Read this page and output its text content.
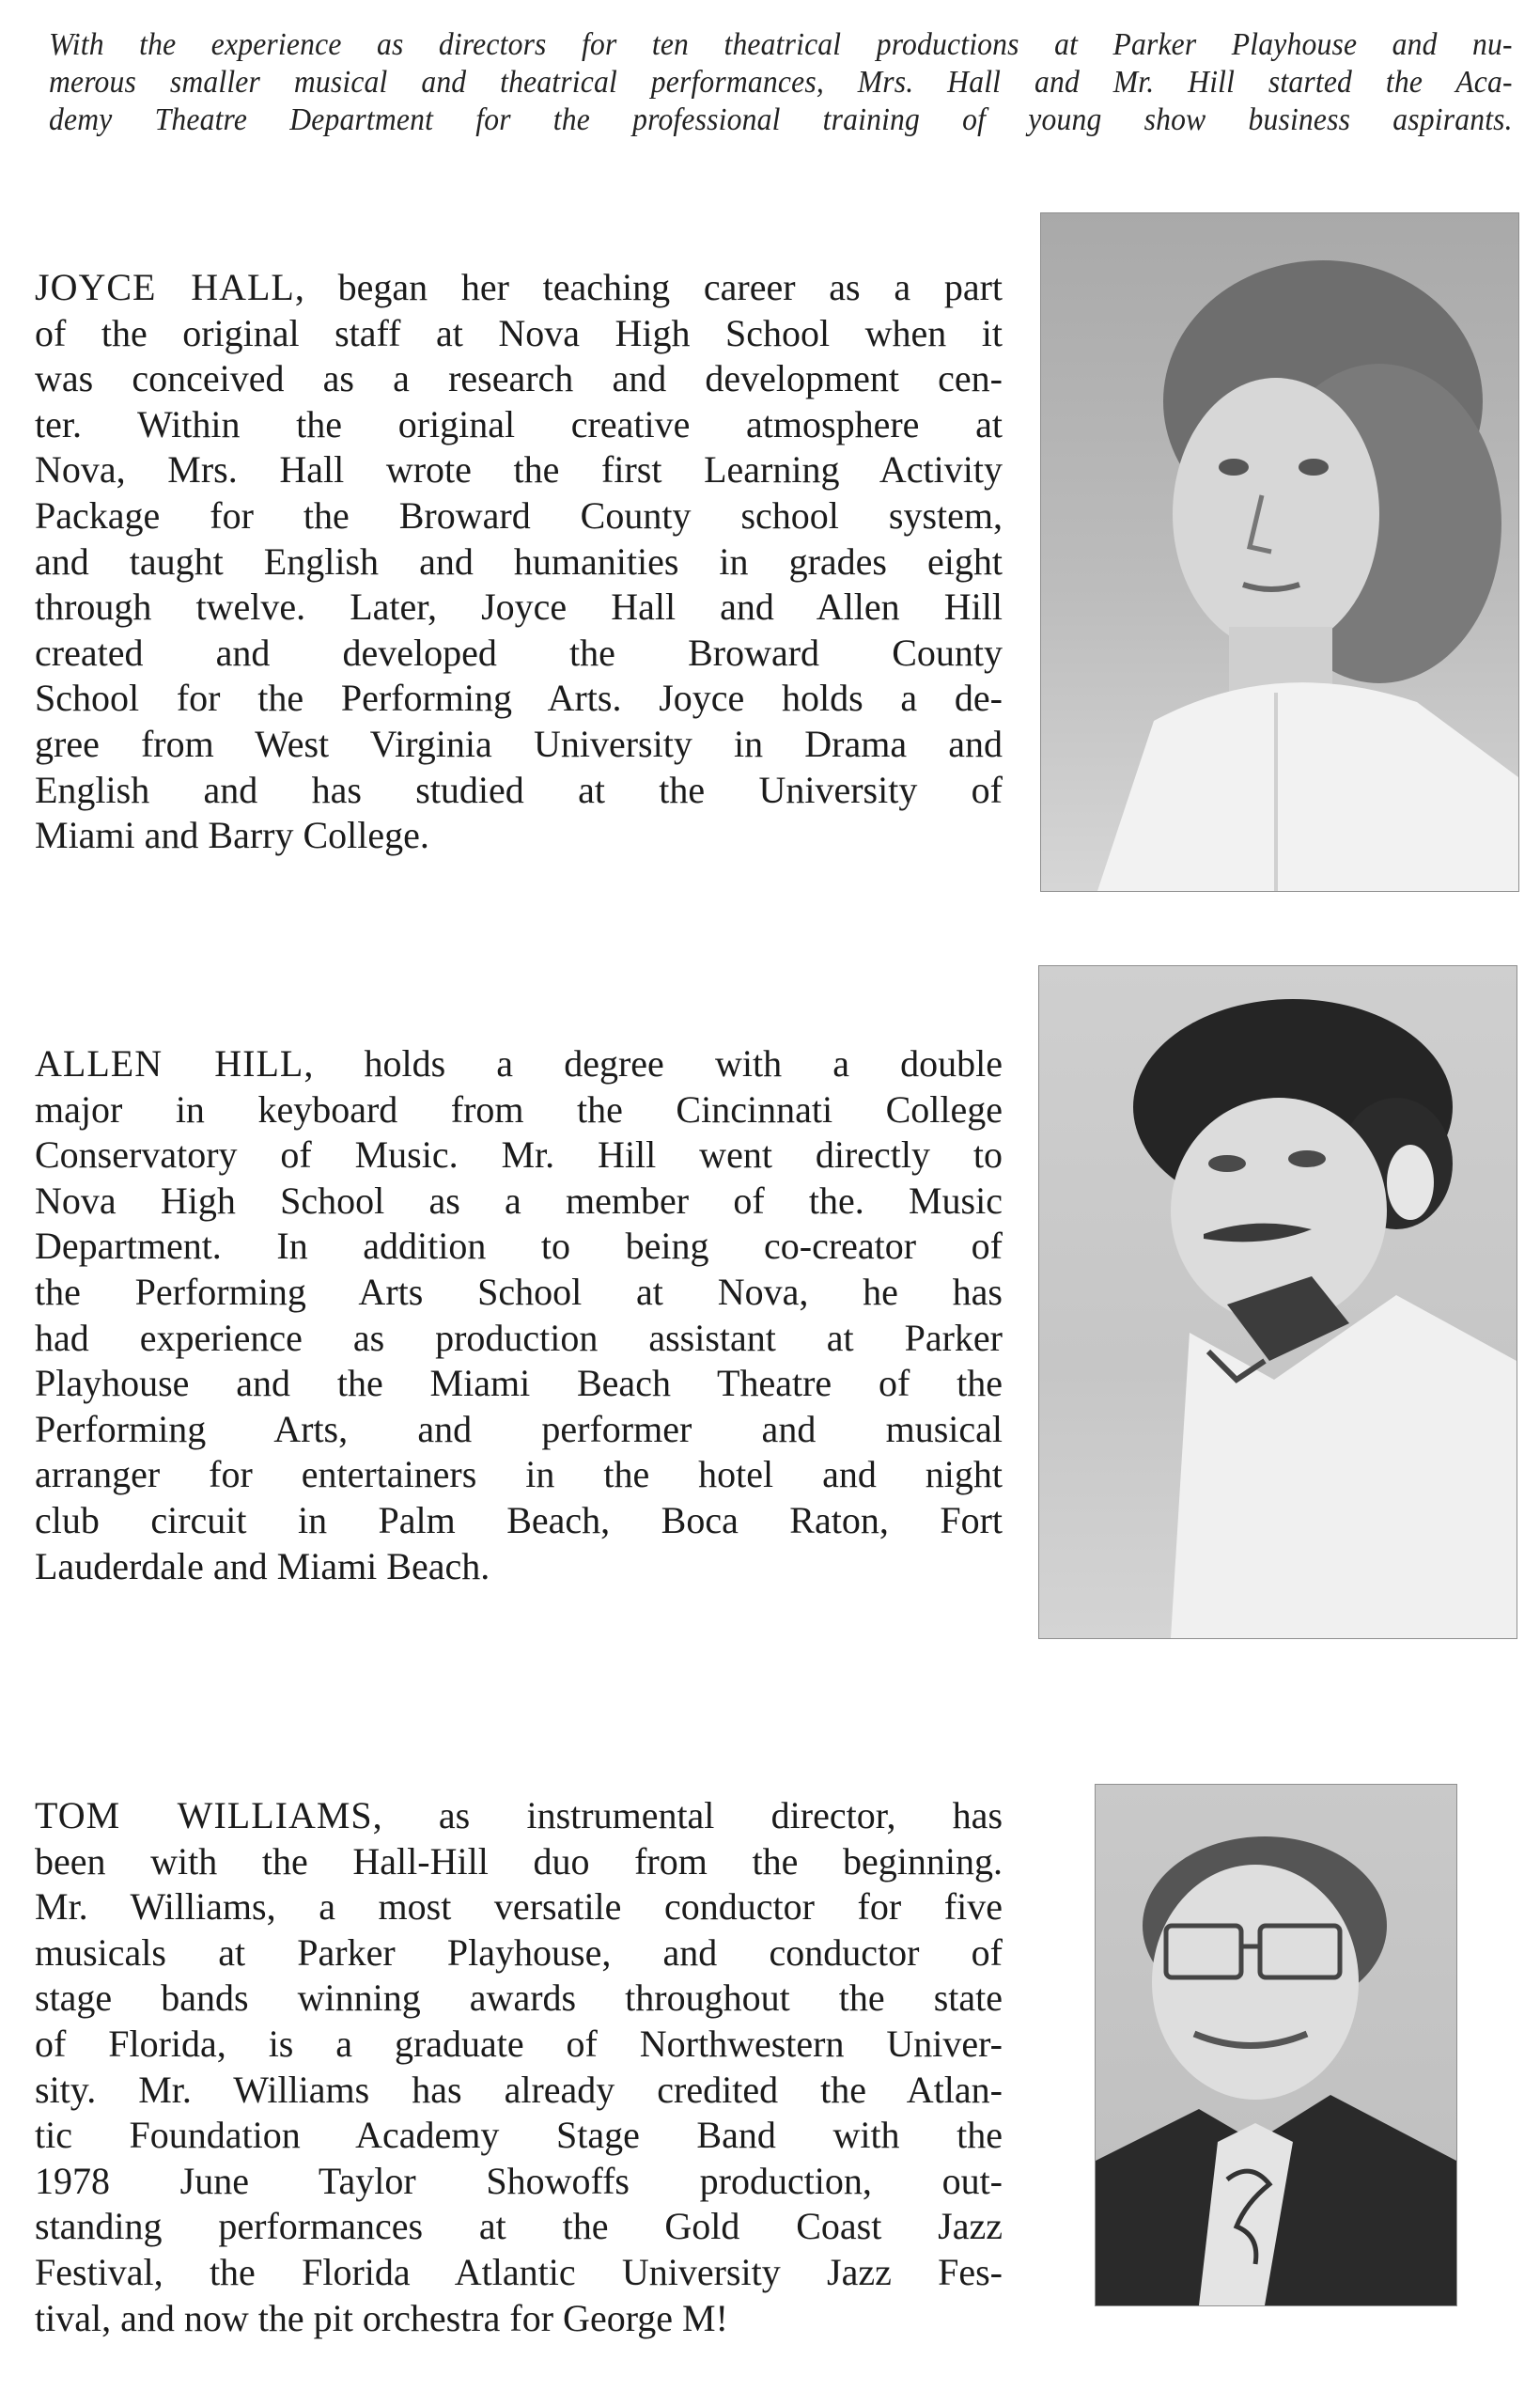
With the experience as directors for ten theatrical productions at Parker Playhouse and nu-
merous smaller musical and theatrical performances, Mrs. Hall and Mr. Hill started the Aca-
demy Theatre Department for the professional training of young show business aspirants.
JOYCE HALL, began her teaching career as a part
of the original staff at Nova High School when it
was conceived as a research and development cen-
ter. Within the original creative atmosphere at
Nova, Mrs. Hall wrote the first Learning Activity
Package for the Broward County school system,
and taught English and humanities in grades eight
through twelve. Later, Joyce Hall and Allen Hill
created and developed the Broward County
School for the Performing Arts. Joyce holds a de-
gree from West Virginia University in Drama and
English and has studied at the University of
Miami and Barry College.
ALLEN HILL, holds a degree with a double
major in keyboard from the Cincinnati College
Conservatory of Music. Mr. Hill went directly to
Nova High School as a member of the. Music
Department. In addition to being co-creator of
the Performing Arts School at Nova, he has
had experience as production assistant at Parker
Playhouse and the Miami Beach Theatre of the
Performing Arts, and performer and musical
arranger for entertainers in the hotel and night
club circuit in Palm Beach, Boca Raton, Fort
Lauderdale and Miami Beach.
TOM WILLIAMS, as instrumental director, has
been with the Hall-Hill duo from the beginning.
Mr. Williams, a most versatile conductor for five
musicals at Parker Playhouse, and conductor of
stage bands winning awards throughout the state
of Florida, is a graduate of Northwestern Univer-
sity. Mr. Williams has already credited the Atlan-
tic Foundation Academy Stage Band with the
1978 June Taylor Showoffs production, out-
standing performances at the Gold Coast Jazz
Festival, the Florida Atlantic University Jazz Fes-
tival, and now the pit orchestra for George M!
